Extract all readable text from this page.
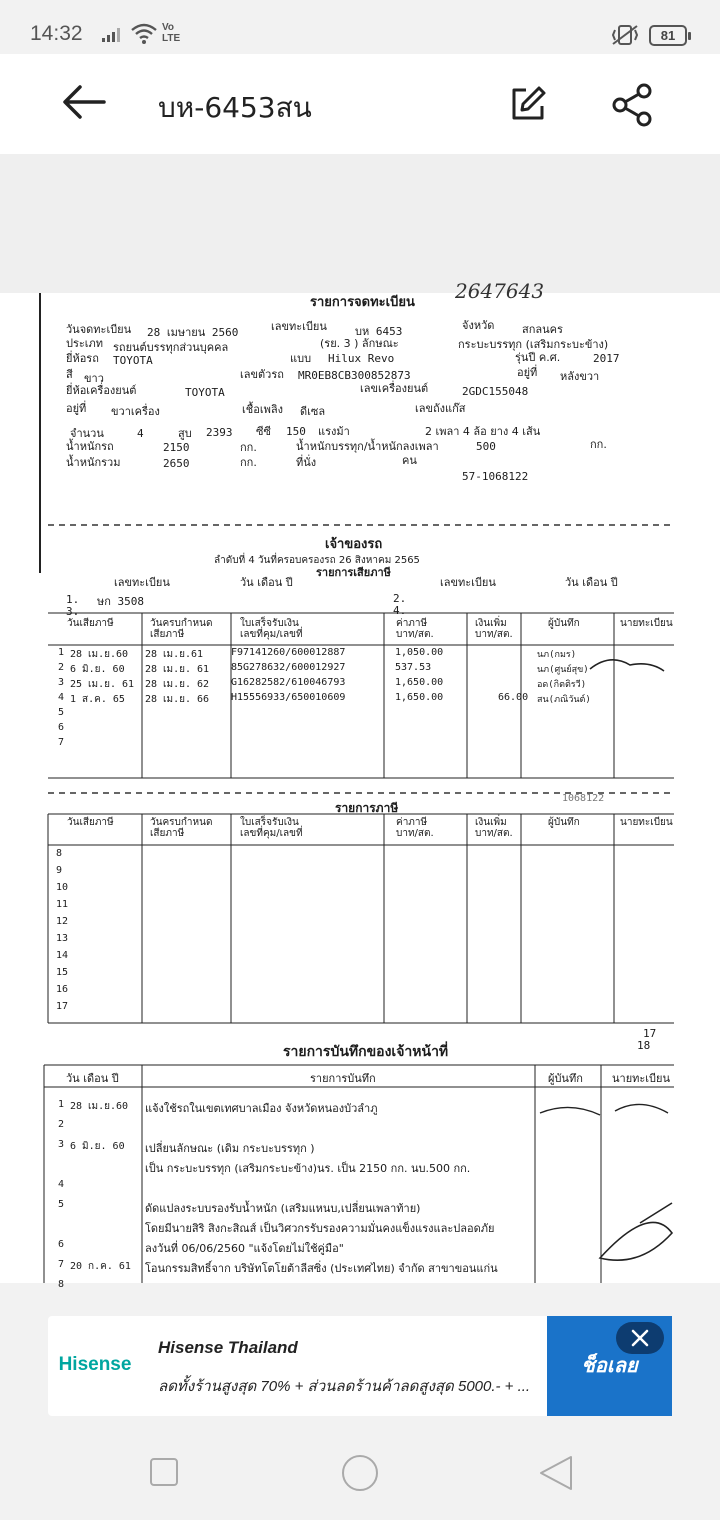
14:32	Vo
LTE	81
บห-6453สน
2647643
รายการจดทะเบียน
วันจดทะเบียน 28 เมษายน 2560	เลขทะเบียน	บห 6453	จังหวัด	สกลนคร
ประเภท รถยนต์บรรทุกส่วนบุคคล	(รย. 3 ) ลักษณะ	กระบะบรรทุก (เสริมกระบะข้าง)
ยี่ห้อรถ TOYOTA	แบบ Hilux Revo	รุ่นปี ค.ศ.	2017
สี ขาว	เลขตัวรถ MR0EB8CB300852873	อยู่ที่ หลังขวา
ยี่ห้อเครื่องยนต์	TOYOTA	เลขเครื่องยนต์	2GDC155048
อยู่ที่ ขวาเครื่อง	เชื้อเพลิง ดีเซล	เลขถังแก๊ส
จำนวน	4	สูบ 2393 ซีซี 150 แรงม้า	2 เพลา 4 ล้อ ยาง 4 เส้น
น้ำหนักรถ	2150	กก.	น้ำหนักบรรทุก/น้ำหนักลงเพลา	500	กก.
น้ำหนักรวม	2650	กก.	ที่นั่ง	คน
57-1068122
เจ้าของรถ
ลำดับที่ 4 วันที่ครอบครองรถ 26 สิงหาคม 2565
รายการเสียภาษี
เลขทะเบียน	วัน เดือน ปี	เลขทะเบียน	วัน เดือน ปี
1. ษก 3508	2.
3.	4.
รายการภาษี
1068122
17
18
รายการบันทึกของเจ้าหน้าที่
วันเสียภาษี	วันครบกำหนด
เสียภาษี
ใบเสร็จรับเงิน
เลขที่คุม/เลขที่
ค่าภาษี
บาท/สต.
เงินเพิ่ม
บาท/สต.
ผู้บันทึก	นายทะเบียน
1 28 เม.ย.60 28 เม.ย.61	F97141260/600012887	1,050.00	นภ(กมร)
2 6 มิ.ย. 60 28 เม.ย. 61 85G278632/600012927	537.53	นภ(ศูนย์สุข)
3 25 เม.ย. 61 28 เม.ย. 62 G16282582/610046793	1,650.00	อด(กิตติรวี)
4 1 ส.ค. 65 28 เม.ย. 66 H15556933/650010609	1,650.00	66.00 สน(ภณิวันต์)
5
6
7
วันเสียภาษี	วันครบกำหนด
เสียภาษี
ใบเสร็จรับเงิน
เลขที่คุม/เลขที่
ค่าภาษี
บาท/สต.
เงินเพิ่ม
บาท/สต.
ผู้บันทึก	นายทะเบียน
8
9
10
11
12
13
14
15
16
17
วัน เดือน ปี	รายการบันทึก	ผู้บันทึก	นายทะเบียน
1 28 เม.ย.60 แจ้งใช้รถในเขตเทศบาลเมือง จังหวัดหนองบัวลำภู
2
3 6 มิ.ย. 60 เปลี่ยนลักษณะ (เดิม กระบะบรรทุก )
เป็น กระบะบรรทุก (เสริมกระบะข้าง)นร. เป็น 2150 กก. นบ.500 กก.
4
5	ดัดแปลงระบบรองรับน้ำหนัก (เสริมแหนบ,เปลี่ยนเพลาท้าย)
โดยมีนายสิริ สิงกะสิณส์ เป็นวิศวกรรับรองความมั่นคงแข็งแรงและปลอดภัย
6	ลงวันที่ 06/06/2560 "แจ้งโดยไม่ใช้คู่มือ"
7 20 ก.ค. 61 โอนกรรมสิทธิ์จาก บริษัทโตโยต้าลีสซิ่ง (ประเทศไทย) จำกัด สาขาขอนแก่น
8
Hisense
Hisense Thailand
ลดทั้งร้านสูงสุด 70% + ส่วนลดร้านค้าลดสูงสุด 5000.- + ...
ช็อเลย
